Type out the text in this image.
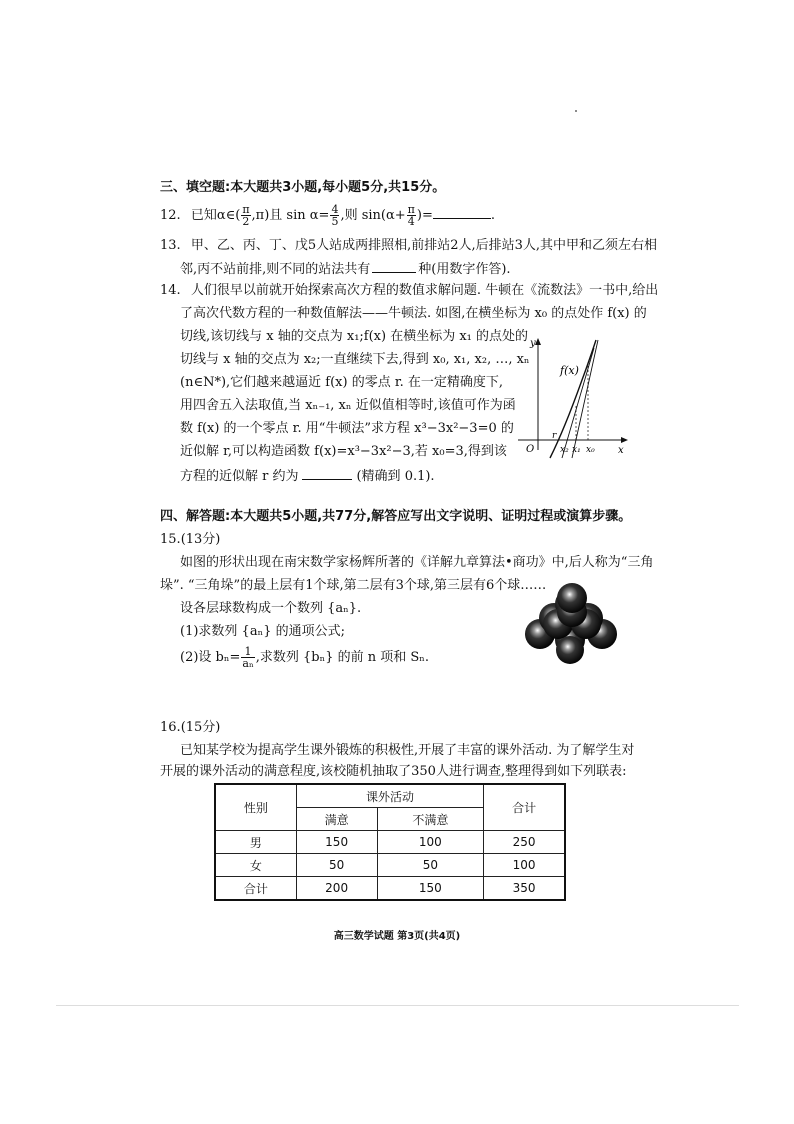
三、填空题:本大题共3小题,每小题5分,共15分。
12. 已知α∈( $\frac{\pi}{2} ,\pi$)且 $\sin \alpha= \frac{4}{5}$ ,则 $\sin(\alpha+ \frac{\pi}{4}$ )=	.
13. 甲、乙、丙、丁、戊5人站成两排照相,前排站2人,后排站3人,其中甲和乙须左右相
邻,丙不站前排,则不同的站法共有	种(用数字作答).
14. 人们很早以前就开始探索高次方程的数值求解问题. 牛顿在《流数法》一书中,给出
了高次代数方程的一种数值解法——牛顿法. 如图,在横坐标为 x₀ 的点处作 f(x) 的
切线,该切线与 x 轴的交点为 x₁;f(x) 在横坐标为 x₁ 的点处的
切线与 x 轴的交点为 x₂;一直继续下去,得到 x₀, x₁, x₂, …, xₙ
(n∈N*),它们越来越逼近 f(x) 的零点 r. 在一定精确度下,
用四舍五入法取值,当 xₙ₋₁, xₙ 近似值相等时,该值可作为函
数 f(x) 的一个零点 r. 用“牛顿法”求方程 x³−3x²−3=0 的
近似解 r,可以构造函数 f(x)=x³−3x²−3,若 x₀=3,得到该
方程的近似解 r 约为	(精确到 0.1).
y
x
O
f(x)
r
x₂ x₁ x₀
四、解答题:本大题共5小题,共77分,解答应写出文字说明、证明过程或演算步骤。
15.(13分)
如图的形状出现在南宋数学家杨辉所著的《详解九章算法•商功》中,后人称为“三角
垛”. “三角垛”的最上层有1个球,第二层有3个球,第三层有6个球……
设各层球数构成一个数列 {aₙ}.
(1)求数列 {aₙ} 的通项公式;
(2)设 $b_n= \frac{1}{\text{aₙ}}$ ,求数列 {bₙ} 的前 n 项和 Sₙ.
16.(15分)
已知某学校为提高学生课外锻炼的积极性,开展了丰富的课外活动. 为了解学生对
开展的课外活动的满意程度,该校随机抽取了350人进行调查,整理得到如下列联表:
性别	课外活动		合计
	满意	不满意	
男	150	100	250
女	50	50	100
合计	200	150	350
高三数学试题 第3页(共4页)
